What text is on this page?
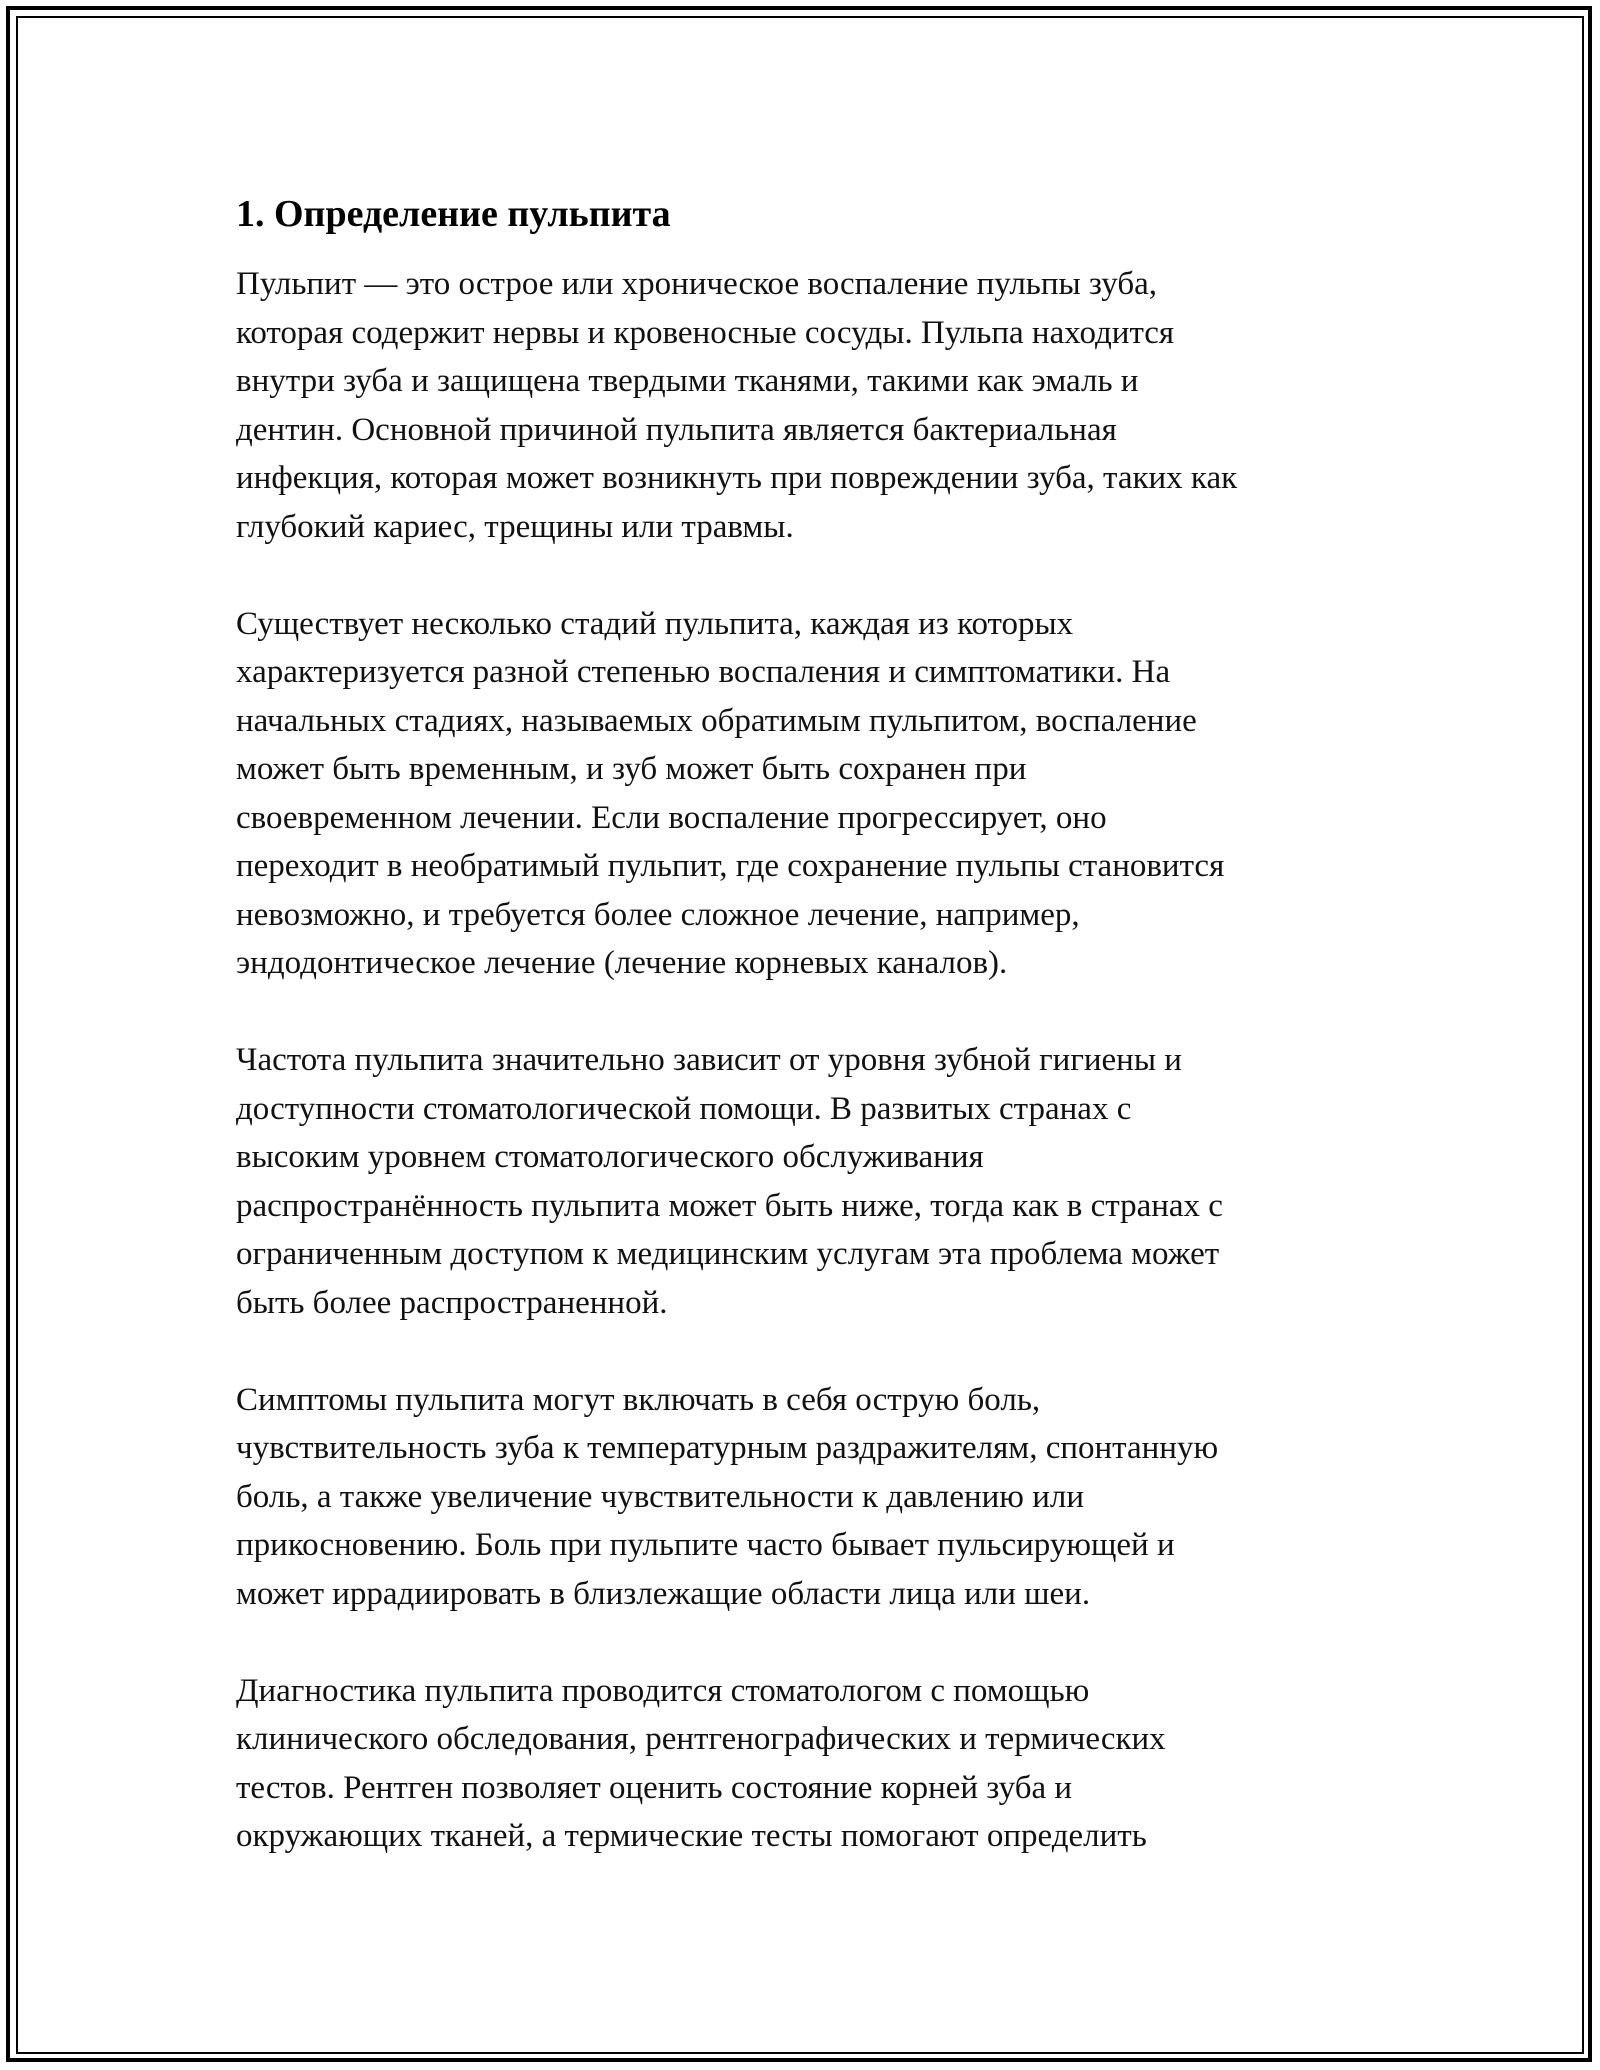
1. Определение пульпита
Пульпит — это острое или хроническое воспаление пульпы зуба,
которая содержит нервы и кровеносные сосуды. Пульпа находится
внутри зуба и защищена твердыми тканями, такими как эмаль и
дентин. Основной причиной пульпита является бактериальная
инфекция, которая может возникнуть при повреждении зуба, таких как
глубокий кариес, трещины или травмы.
Существует несколько стадий пульпита, каждая из которых
характеризуется разной степенью воспаления и симптоматики. На
начальных стадиях, называемых обратимым пульпитом, воспаление
может быть временным, и зуб может быть сохранен при
своевременном лечении. Если воспаление прогрессирует, оно
переходит в необратимый пульпит, где сохранение пульпы становится
невозможно, и требуется более сложное лечение, например,
эндодонтическое лечение (лечение корневых каналов).
Частота пульпита значительно зависит от уровня зубной гигиены и
доступности стоматологической помощи. В развитых странах с
высоким уровнем стоматологического обслуживания
распространённость пульпита может быть ниже, тогда как в странах с
ограниченным доступом к медицинским услугам эта проблема может
быть более распространенной.
Симптомы пульпита могут включать в себя острую боль,
чувствительность зуба к температурным раздражителям, спонтанную
боль, а также увеличение чувствительности к давлению или
прикосновению. Боль при пульпите часто бывает пульсирующей и
может иррадиировать в близлежащие области лица или шеи.
Диагностика пульпита проводится стоматологом с помощью
клинического обследования, рентгенографических и термических
тестов. Рентген позволяет оценить состояние корней зуба и
окружающих тканей, а термические тесты помогают определить
